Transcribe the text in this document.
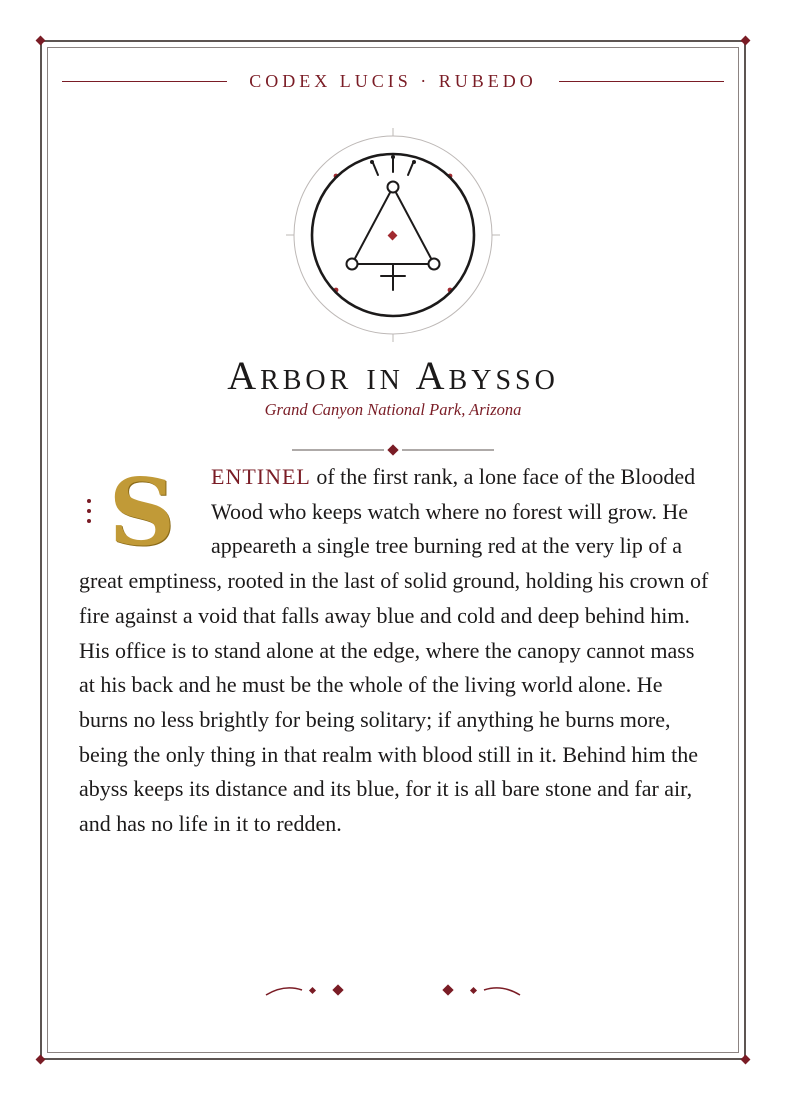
CODEX LUCIS · RUBEDO
Arbor in Abysso
Grand Canyon National Park, Arizona
S ENTINEL of the first rank, a lone face of the Blooded Wood who keeps watch where no forest will grow. He appeareth a single tree burning red at the very lip of a great emptiness, rooted in the last of solid ground, holding his crown of fire against a void that falls away blue and cold and deep behind him. His office is to stand alone at the edge, where the canopy cannot mass at his back and he must be the whole of the living world alone. He burns no less brightly for being solitary; if anything he burns more, being the only thing in that realm with blood still in it. Behind him the abyss keeps its distance and its blue, for it is all bare stone and far air, and has no life in it to redden.
